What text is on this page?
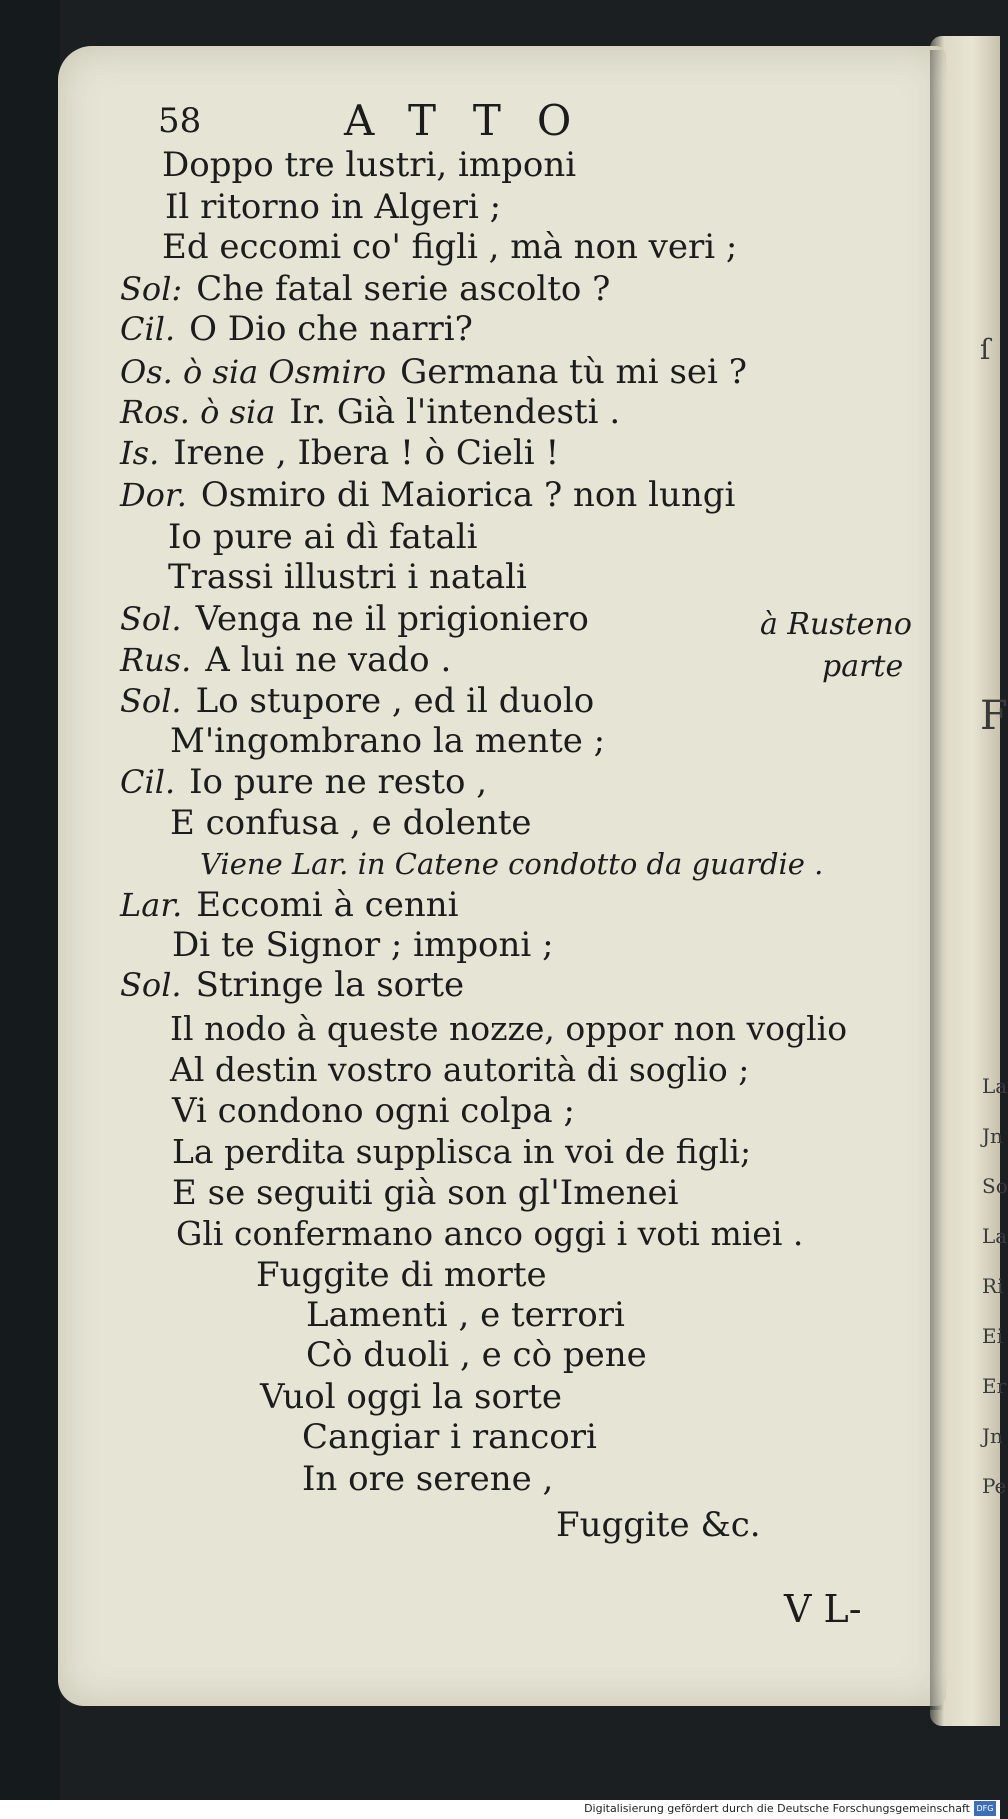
ſ
F
La
Jn
So
La
Ri
Ei
Er
Jn
Pe
58	ATTO
Doppo tre lustri, imponi
Il ritorno in Algeri ;
Ed eccomi co' figli , mà non veri ;
Sol: Che fatal serie ascolto ?
Cil. O Dio che narri?
Os. ò sia Osmiro Germana tù mi sei ?
Ros. ò sia Ir. Già l'intendesti .
Is. Irene , Ibera ! ò Cieli !
Dor. Osmiro di Maiorica ? non lungi
Io pure ai dì fatali
Trassi illustri i natali
Sol. Venga ne il prigioniero	à Rusteno
Rus. A lui ne vado .	parte
Sol. Lo stupore , ed il duolo
M'ingombrano la mente ;
Cil. Io pure ne resto ,
E confusa , e dolente
Viene Lar. in Catene condotto da guardie .
Lar. Eccomi à cenni
Di te Signor ; imponi ;
Sol. Stringe la sorte
Il nodo à queste nozze, oppor non voglio
Al destin vostro autorità di soglio ;
Vi condono ogni colpa ;
La perdita supplisca in voi de figli;
E se seguiti già son gl'Imenei
Gli confermano anco oggi i voti miei .
Fuggite di morte
Lamenti , e terrori
Cò duoli , e cò pene
Vuol oggi la sorte
Cangiar i rancori
In ore serene ,
Fuggite &c.
V L-
Digitalisierung gefördert durch die Deutsche Forschungsgemeinschaft DFG
